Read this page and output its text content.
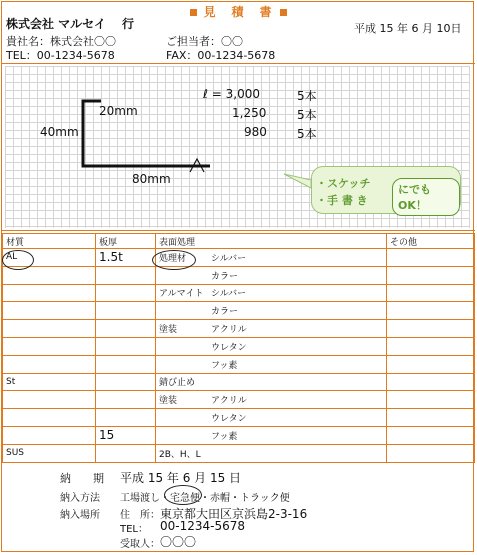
見　積　書
株式会社 マルセイ　 行	平成 15 年 6 月 10日
貴社名：株式会社〇〇	ご担当者：〇〇
TEL：00-1234-5678	FAX：00-1234-5678
20mm
40mm
80mm
ℓ = 3,000	5本
1,250	5本
980	5本
・スケッチ
・手 書 き
にでもOK！
材質	板厚	表面処理	その他
AL	1.5t	処理材 シルバー	
		カラー	
		アルマイト シルバー	
		カラー	
		塗装 アクリル	
		ウレタン	
		フッ素	
St		錆び止め	
		塗装 アクリル	
		ウレタン	
	15	フッ素	
SUS		2B、H、L	
納　　期 平成 15 年 6 月 15 日
納入方法 工場渡し・宅急便・赤帽・トラック便
納入場所 住　所： 東京都大田区京浜島2-3-16
TEL： 00-1234-5678
受取人： 〇〇〇
